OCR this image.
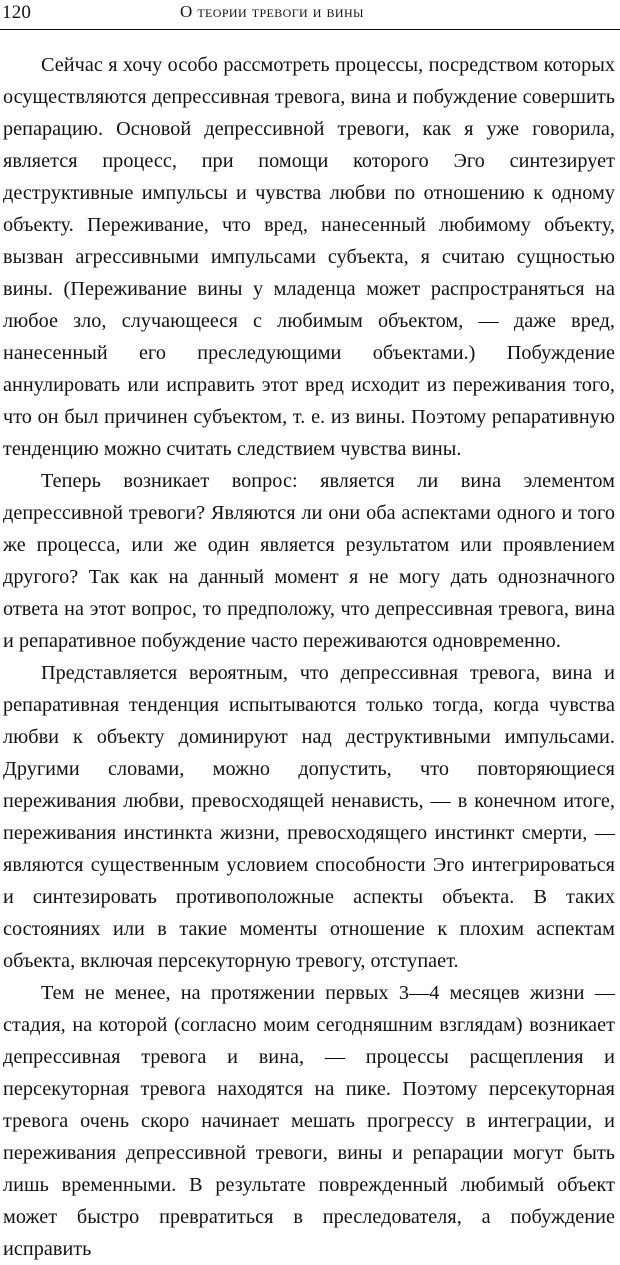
120	О теории тревоги и вины

Сейчас я хочу особо рассмотреть процессы, посредством которых осуществляются депрессивная тревога, вина и побуждение совершить репарацию. Основой депрессивной тревоги, как я уже говорила, является процесс, при помощи которого Эго синтезирует деструктивные импульсы и чувства любви по отношению к одному объекту. Переживание, что вред, нанесенный любимому объекту, вызван агрессивными импульсами субъекта, я считаю сущностью вины. (Переживание вины у младенца может распространяться на любое зло, случающееся с любимым объектом, — даже вред, нанесенный его преследующими объектами.) Побуждение аннулировать или исправить этот вред исходит из переживания того, что он был причинен субъектом, т. е. из вины. Поэтому репаративную тенденцию можно считать следствием чувства вины.

Теперь возникает вопрос: является ли вина элементом депрессивной тревоги? Являются ли они оба аспектами одного и того же процесса, или же один является результатом или проявлением другого? Так как на данный момент я не могу дать однозначного ответа на этот вопрос, то предположу, что депрессивная тревога, вина и репаративное побуждение часто переживаются одновременно.

Представляется вероятным, что депрессивная тревога, вина и репаративная тенденция испытываются только тогда, когда чувства любви к объекту доминируют над деструктивными импульсами. Другими словами, можно допустить, что повторяющиеся переживания любви, превосходящей ненависть, — в конечном итоге, переживания инстинкта жизни, превосходящего инстинкт смерти, — являются существенным условием способности Эго интегрироваться и синтезировать противоположные аспекты объекта. В таких состояниях или в такие моменты отношение к плохим аспектам объекта, включая персекуторную тревогу, отступает.

Тем не менее, на протяжении первых 3—4 месяцев жизни — стадия, на которой (согласно моим сегодняшним взглядам) возникает депрессивная тревога и вина, — процессы расщепления и персекуторная тревога находятся на пике. Поэтому персекуторная тревога очень скоро начинает мешать прогрессу в интеграции, и переживания депрессивной тревоги, вины и репарации могут быть лишь временными. В результате поврежденный любимый объект может быстро превратиться в преследователя, а побуждение исправить
